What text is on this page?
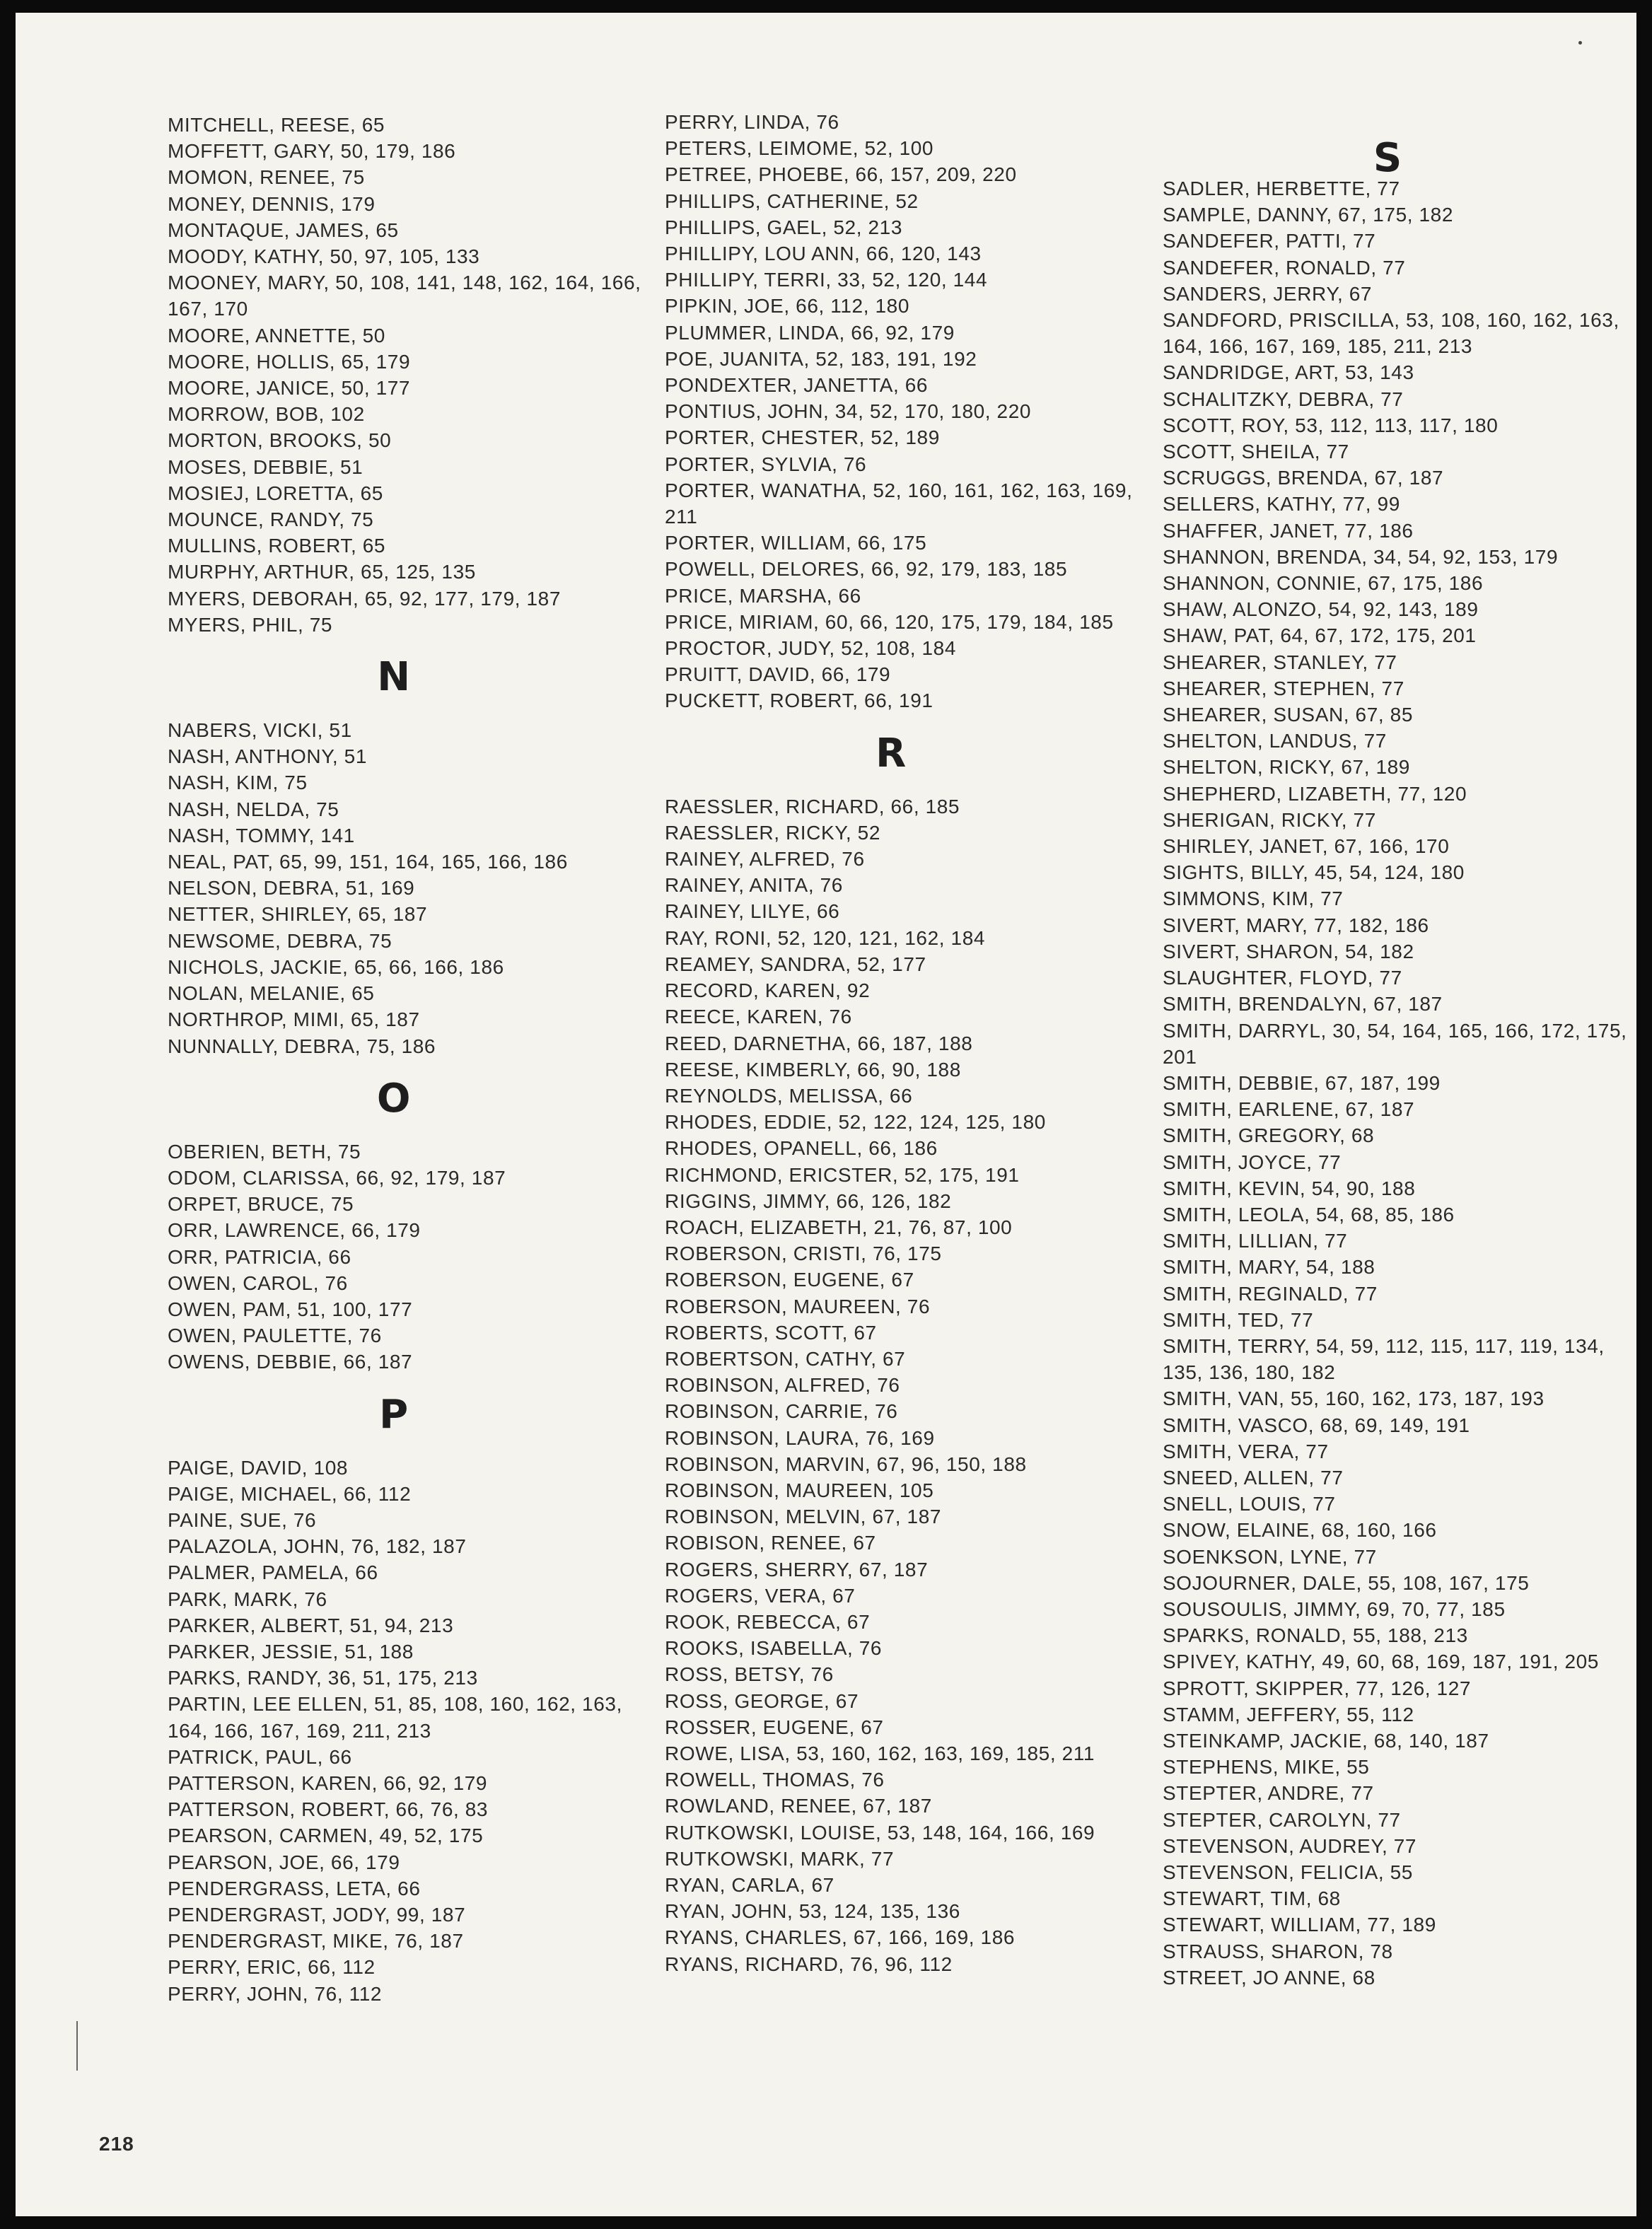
S
MITCHELL, REESE, 65
MOFFETT, GARY, 50, 179, 186
MOMON, RENEE, 75
MONEY, DENNIS, 179
MONTAQUE, JAMES, 65
MOODY, KATHY, 50, 97, 105, 133
MOONEY, MARY, 50, 108, 141, 148, 162, 164, 166, 167, 170
MOORE, ANNETTE, 50
MOORE, HOLLIS, 65, 179
MOORE, JANICE, 50, 177
MORROW, BOB, 102
MORTON, BROOKS, 50
MOSES, DEBBIE, 51
MOSIEJ, LORETTA, 65
MOUNCE, RANDY, 75
MULLINS, ROBERT, 65
MURPHY, ARTHUR, 65, 125, 135
MYERS, DEBORAH, 65, 92, 177, 179, 187
MYERS, PHIL, 75
N
NABERS, VICKI, 51
NASH, ANTHONY, 51
NASH, KIM, 75
NASH, NELDA, 75
NASH, TOMMY, 141
NEAL, PAT, 65, 99, 151, 164, 165, 166, 186
NELSON, DEBRA, 51, 169
NETTER, SHIRLEY, 65, 187
NEWSOME, DEBRA, 75
NICHOLS, JACKIE, 65, 66, 166, 186
NOLAN, MELANIE, 65
NORTHROP, MIMI, 65, 187
NUNNALLY, DEBRA, 75, 186
O
OBERIEN, BETH, 75
ODOM, CLARISSA, 66, 92, 179, 187
ORPET, BRUCE, 75
ORR, LAWRENCE, 66, 179
ORR, PATRICIA, 66
OWEN, CAROL, 76
OWEN, PAM, 51, 100, 177
OWEN, PAULETTE, 76
OWENS, DEBBIE, 66, 187
P
PAIGE, DAVID, 108
PAIGE, MICHAEL, 66, 112
PAINE, SUE, 76
PALAZOLA, JOHN, 76, 182, 187
PALMER, PAMELA, 66
PARK, MARK, 76
PARKER, ALBERT, 51, 94, 213
PARKER, JESSIE, 51, 188
PARKS, RANDY, 36, 51, 175, 213
PARTIN, LEE ELLEN, 51, 85, 108, 160, 162, 163, 164, 166, 167, 169, 211, 213
PATRICK, PAUL, 66
PATTERSON, KAREN, 66, 92, 179
PATTERSON, ROBERT, 66, 76, 83
PEARSON, CARMEN, 49, 52, 175
PEARSON, JOE, 66, 179
PENDERGRASS, LETA, 66
PENDERGRAST, JODY, 99, 187
PENDERGRAST, MIKE, 76, 187
PERRY, ERIC, 66, 112
PERRY, JOHN, 76, 112
PERRY, LINDA, 76
PETERS, LEIMOME, 52, 100
PETREE, PHOEBE, 66, 157, 209, 220
PHILLIPS, CATHERINE, 52
PHILLIPS, GAEL, 52, 213
PHILLIPY, LOU ANN, 66, 120, 143
PHILLIPY, TERRI, 33, 52, 120, 144
PIPKIN, JOE, 66, 112, 180
PLUMMER, LINDA, 66, 92, 179
POE, JUANITA, 52, 183, 191, 192
PONDEXTER, JANETTA, 66
PONTIUS, JOHN, 34, 52, 170, 180, 220
PORTER, CHESTER, 52, 189
PORTER, SYLVIA, 76
PORTER, WANATHA, 52, 160, 161, 162, 163, 169, 211
PORTER, WILLIAM, 66, 175
POWELL, DELORES, 66, 92, 179, 183, 185
PRICE, MARSHA, 66
PRICE, MIRIAM, 60, 66, 120, 175, 179, 184, 185
PROCTOR, JUDY, 52, 108, 184
PRUITT, DAVID, 66, 179
PUCKETT, ROBERT, 66, 191
R
RAESSLER, RICHARD, 66, 185
RAESSLER, RICKY, 52
RAINEY, ALFRED, 76
RAINEY, ANITA, 76
RAINEY, LILYE, 66
RAY, RONI, 52, 120, 121, 162, 184
REAMEY, SANDRA, 52, 177
RECORD, KAREN, 92
REECE, KAREN, 76
REED, DARNETHA, 66, 187, 188
REESE, KIMBERLY, 66, 90, 188
REYNOLDS, MELISSA, 66
RHODES, EDDIE, 52, 122, 124, 125, 180
RHODES, OPANELL, 66, 186
RICHMOND, ERICSTER, 52, 175, 191
RIGGINS, JIMMY, 66, 126, 182
ROACH, ELIZABETH, 21, 76, 87, 100
ROBERSON, CRISTI, 76, 175
ROBERSON, EUGENE, 67
ROBERSON, MAUREEN, 76
ROBERTS, SCOTT, 67
ROBERTSON, CATHY, 67
ROBINSON, ALFRED, 76
ROBINSON, CARRIE, 76
ROBINSON, LAURA, 76, 169
ROBINSON, MARVIN, 67, 96, 150, 188
ROBINSON, MAUREEN, 105
ROBINSON, MELVIN, 67, 187
ROBISON, RENEE, 67
ROGERS, SHERRY, 67, 187
ROGERS, VERA, 67
ROOK, REBECCA, 67
ROOKS, ISABELLA, 76
ROSS, BETSY, 76
ROSS, GEORGE, 67
ROSSER, EUGENE, 67
ROWE, LISA, 53, 160, 162, 163, 169, 185, 211
ROWELL, THOMAS, 76
ROWLAND, RENEE, 67, 187
RUTKOWSKI, LOUISE, 53, 148, 164, 166, 169
RUTKOWSKI, MARK, 77
RYAN, CARLA, 67
RYAN, JOHN, 53, 124, 135, 136
RYANS, CHARLES, 67, 166, 169, 186
RYANS, RICHARD, 76, 96, 112
SADLER, HERBETTE, 77
SAMPLE, DANNY, 67, 175, 182
SANDEFER, PATTI, 77
SANDEFER, RONALD, 77
SANDERS, JERRY, 67
SANDFORD, PRISCILLA, 53, 108, 160, 162, 163, 164, 166, 167, 169, 185, 211, 213
SANDRIDGE, ART, 53, 143
SCHALITZKY, DEBRA, 77
SCOTT, ROY, 53, 112, 113, 117, 180
SCOTT, SHEILA, 77
SCRUGGS, BRENDA, 67, 187
SELLERS, KATHY, 77, 99
SHAFFER, JANET, 77, 186
SHANNON, BRENDA, 34, 54, 92, 153, 179
SHANNON, CONNIE, 67, 175, 186
SHAW, ALONZO, 54, 92, 143, 189
SHAW, PAT, 64, 67, 172, 175, 201
SHEARER, STANLEY, 77
SHEARER, STEPHEN, 77
SHEARER, SUSAN, 67, 85
SHELTON, LANDUS, 77
SHELTON, RICKY, 67, 189
SHEPHERD, LIZABETH, 77, 120
SHERIGAN, RICKY, 77
SHIRLEY, JANET, 67, 166, 170
SIGHTS, BILLY, 45, 54, 124, 180
SIMMONS, KIM, 77
SIVERT, MARY, 77, 182, 186
SIVERT, SHARON, 54, 182
SLAUGHTER, FLOYD, 77
SMITH, BRENDALYN, 67, 187
SMITH, DARRYL, 30, 54, 164, 165, 166, 172, 175, 201
SMITH, DEBBIE, 67, 187, 199
SMITH, EARLENE, 67, 187
SMITH, GREGORY, 68
SMITH, JOYCE, 77
SMITH, KEVIN, 54, 90, 188
SMITH, LEOLA, 54, 68, 85, 186
SMITH, LILLIAN, 77
SMITH, MARY, 54, 188
SMITH, REGINALD, 77
SMITH, TED, 77
SMITH, TERRY, 54, 59, 112, 115, 117, 119, 134, 135, 136, 180, 182
SMITH, VAN, 55, 160, 162, 173, 187, 193
SMITH, VASCO, 68, 69, 149, 191
SMITH, VERA, 77
SNEED, ALLEN, 77
SNELL, LOUIS, 77
SNOW, ELAINE, 68, 160, 166
SOENKSON, LYNE, 77
SOJOURNER, DALE, 55, 108, 167, 175
SOUSOULIS, JIMMY, 69, 70, 77, 185
SPARKS, RONALD, 55, 188, 213
SPIVEY, KATHY, 49, 60, 68, 169, 187, 191, 205
SPROTT, SKIPPER, 77, 126, 127
STAMM, JEFFERY, 55, 112
STEINKAMP, JACKIE, 68, 140, 187
STEPHENS, MIKE, 55
STEPTER, ANDRE, 77
STEPTER, CAROLYN, 77
STEVENSON, AUDREY, 77
STEVENSON, FELICIA, 55
STEWART, TIM, 68
STEWART, WILLIAM, 77, 189
STRAUSS, SHARON, 78
STREET, JO ANNE, 68
218
